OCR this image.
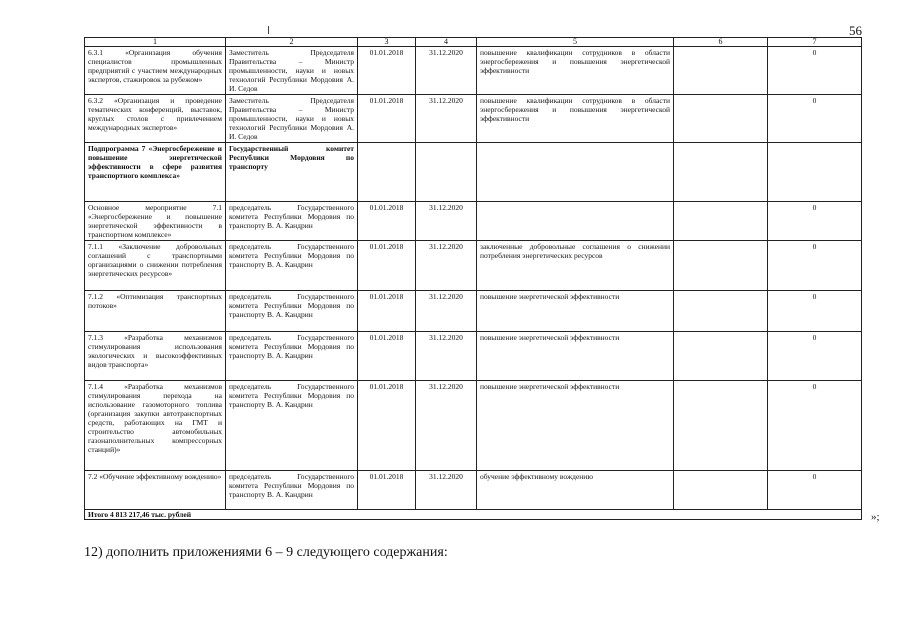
56
1	2	3	4	5	6	7
6.3.1 «Организация обучения специалистов промышленных предприятий с участием международных экспертов, стажировок за рубежом»	Заместитель Председателя Правительства – Министр промышленности, науки и новых технологий Республики Мордовия А. И. Седов	01.01.2018	31.12.2020	повышение квалификации сотрудников в области энергосбережения и повышения энергетической эффективности		0
6.3.2 «Организация и проведение тематических конференций, выставок, круглых столов с привлечением международных экспертов»	Заместитель Председателя Правительства – Министр промышленности, науки и новых технологий Республики Мордовия А. И. Седов	01.01.2018	31.12.2020	повышение квалификации сотрудников в области энергосбережения и повышения энергетической эффективности		0
Подпрограмма 7 «Энергосбережение и повышение энергетической эффективности в сфере развития транспортного комплекса»	Государственный комитет Республики Мордовия по транспорту					
Основное мероприятие 7.1 «Энергосбережение и повышение энергетической эффективности в транспортном комплексе»	председатель Государственного комитета Республики Мордовия по транспорту В. А. Кандрин	01.01.2018	31.12.2020			0
7.1.1 «Заключение добровольных соглашений с транспортными организациями о снижении потребления энергетических ресурсов»	председатель Государственного комитета Республики Мордовия по транспорту В. А. Кандрин	01.01.2018	31.12.2020	заключенные добровольные соглашения о снижении потребления энергетических ресурсов		0
7.1.2 «Оптимизация транспортных потоков»	председатель Государственного комитета Республики Мордовия по транспорту В. А. Кандрин	01.01.2018	31.12.2020	повышение энергетической эффективности		0
7.1.3 «Разработка механизмов стимулирования использования экологических и высокоэффективных видов транспорта»	председатель Государственного комитета Республики Мордовия по транспорту В. А. Кандрин	01.01.2018	31.12.2020	повышение энергетической эффективности		0
7.1.4 «Разработка механизмов стимулирования перехода на использование газомоторного топлива (организация закупки автотранспортных средств, работающих на ГМТ и строительство автомобильных газонаполнительных компрессорных станций)»	председатель Государственного комитета Республики Мордовия по транспорту В. А. Кандрин	01.01.2018	31.12.2020	повышение энергетической эффективности		0
7.2 «Обучение эффективному вождению»	председатель Государственного комитета Республики Мордовия по транспорту В. А. Кандрин	01.01.2018	31.12.2020	обучение эффективному вождению		0
Итого 4 813 217,46 тыс. рублей							»;
12) дополнить приложениями 6 – 9 следующего содержания:
